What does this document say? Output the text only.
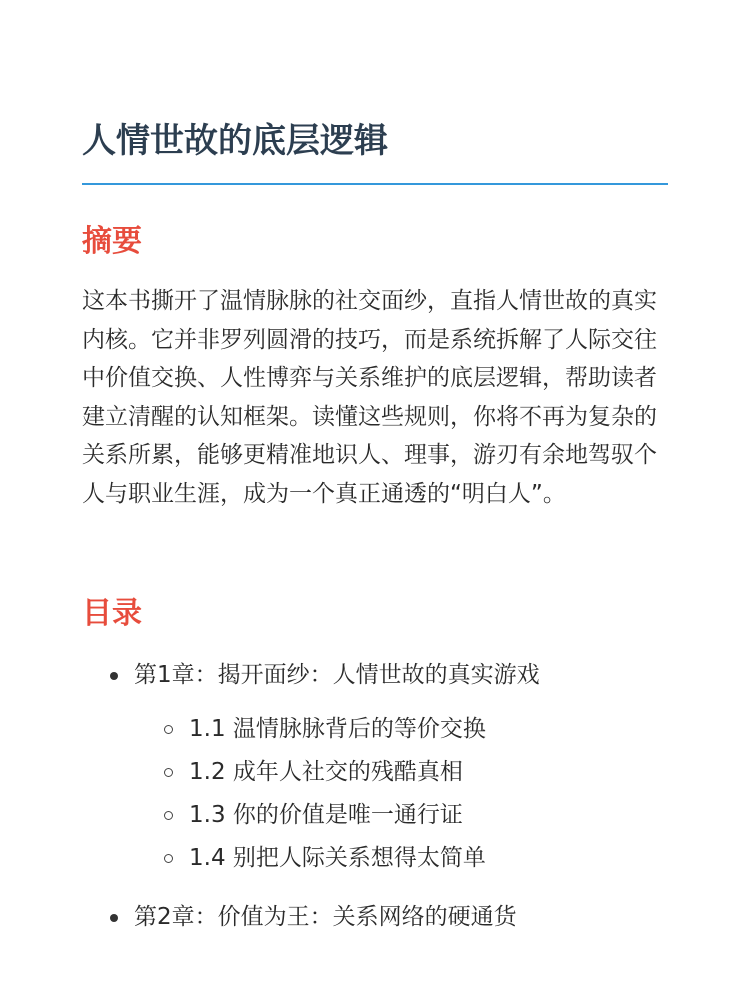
人情世故的底层逻辑
摘要

这本书撕开了温情脉脉的社交面纱，直指人情世故的真实内核。它并非罗列圆滑的技巧，而是系统拆解了人际交往中价值交换、人性博弈与关系维护的底层逻辑，帮助读者建立清醒的认知框架。读懂这些规则，你将不再为复杂的关系所累，能够更精准地识人、理事，游刃有余地驾驭个人与职业生涯，成为一个真正通透的“明白人”。

目录
第1章：揭开面纱：人情世故的真实游戏
1.1 温情脉脉背后的等价交换
1.2 成年人社交的残酷真相
1.3 你的价值是唯一通行证
1.4 别把人际关系想得太简单
第2章：价值为王：关系网络的硬通货
